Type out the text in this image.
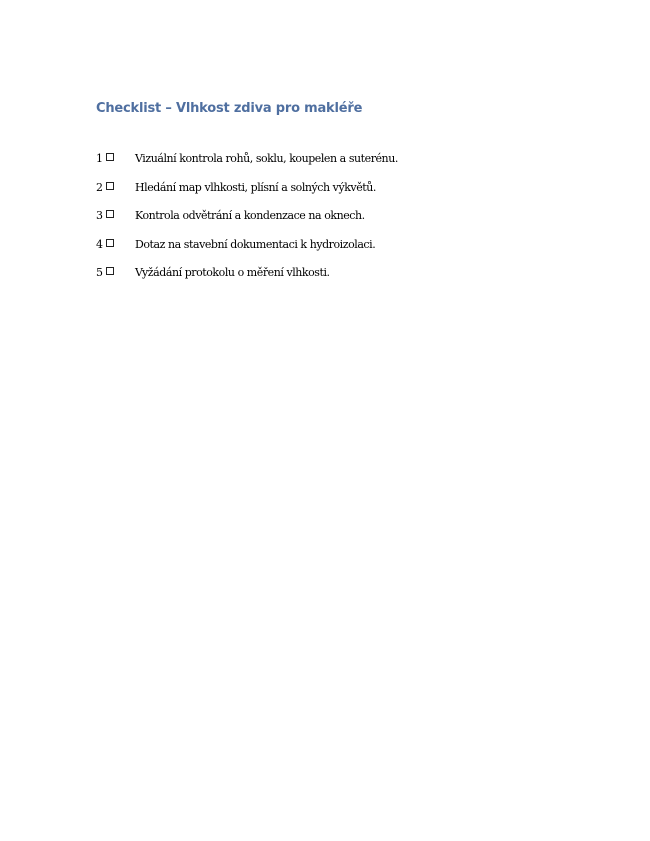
Checklist – Vlhkost zdiva pro makléře
1	Vizuální kontrola rohů, soklu, koupelen a suterénu.
2	Hledání map vlhkosti, plísní a solných výkvětů.
3	Kontrola odvětrání a kondenzace na oknech.
4	Dotaz na stavební dokumentaci k hydroizolaci.
5	Vyžádání protokolu o měření vlhkosti.
